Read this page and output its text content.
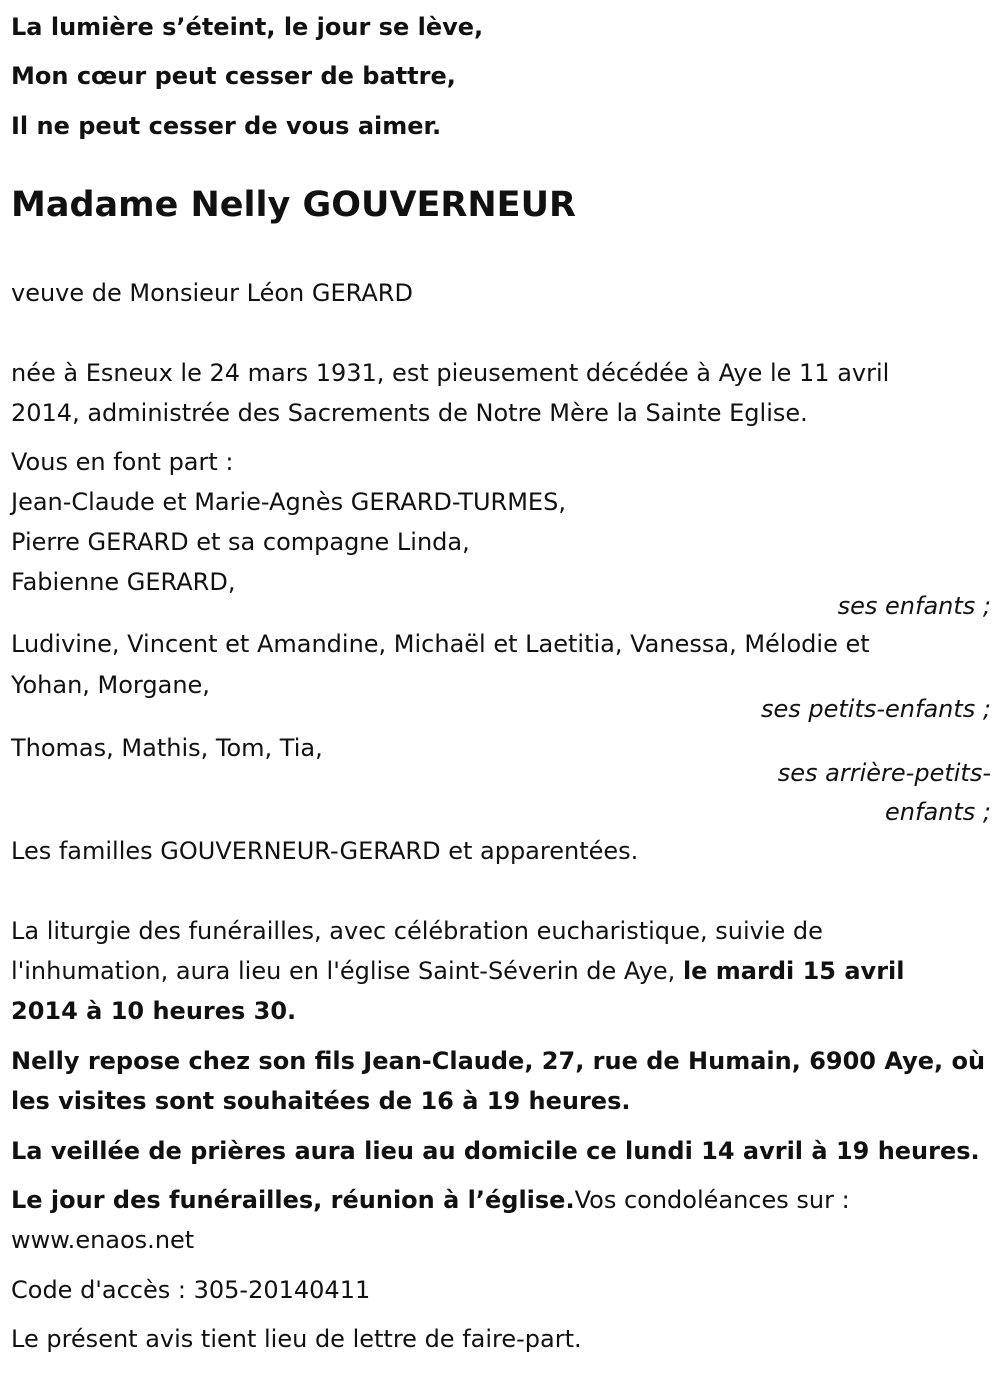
La lumière s’éteint, le jour se lève,
Mon cœur peut cesser de battre,
Il ne peut cesser de vous aimer.
Madame Nelly GOUVERNEUR
veuve de Monsieur Léon GERARD
née à Esneux le 24 mars 1931, est pieusement décédée à Aye le 11 avril
2014, administrée des Sacrements de Notre Mère la Sainte Eglise.
Vous en font part :
Jean-Claude et Marie-Agnès GERARD-TURMES,
Pierre GERARD et sa compagne Linda,
Fabienne GERARD,
ses enfants ;
Ludivine, Vincent et Amandine, Michaël et Laetitia, Vanessa, Mélodie et
Yohan, Morgane,
ses petits-enfants ;
Thomas, Mathis, Tom, Tia,
ses arrière-petits-
enfants ;
Les familles GOUVERNEUR-GERARD et apparentées.
La liturgie des funérailles, avec célébration eucharistique, suivie de
l'inhumation, aura lieu en l'église Saint-Séverin de Aye, le mardi 15 avril
2014 à 10 heures 30.
Nelly repose chez son fils Jean-Claude, 27, rue de Humain, 6900 Aye, où
les visites sont souhaitées de 16 à 19 heures.
La veillée de prières aura lieu au domicile ce lundi 14 avril à 19 heures.
Le jour des funérailles, réunion à l’église.Vos condoléances sur :
www.enaos.net
Code d'accès : 305-20140411
Le présent avis tient lieu de lettre de faire-part.
